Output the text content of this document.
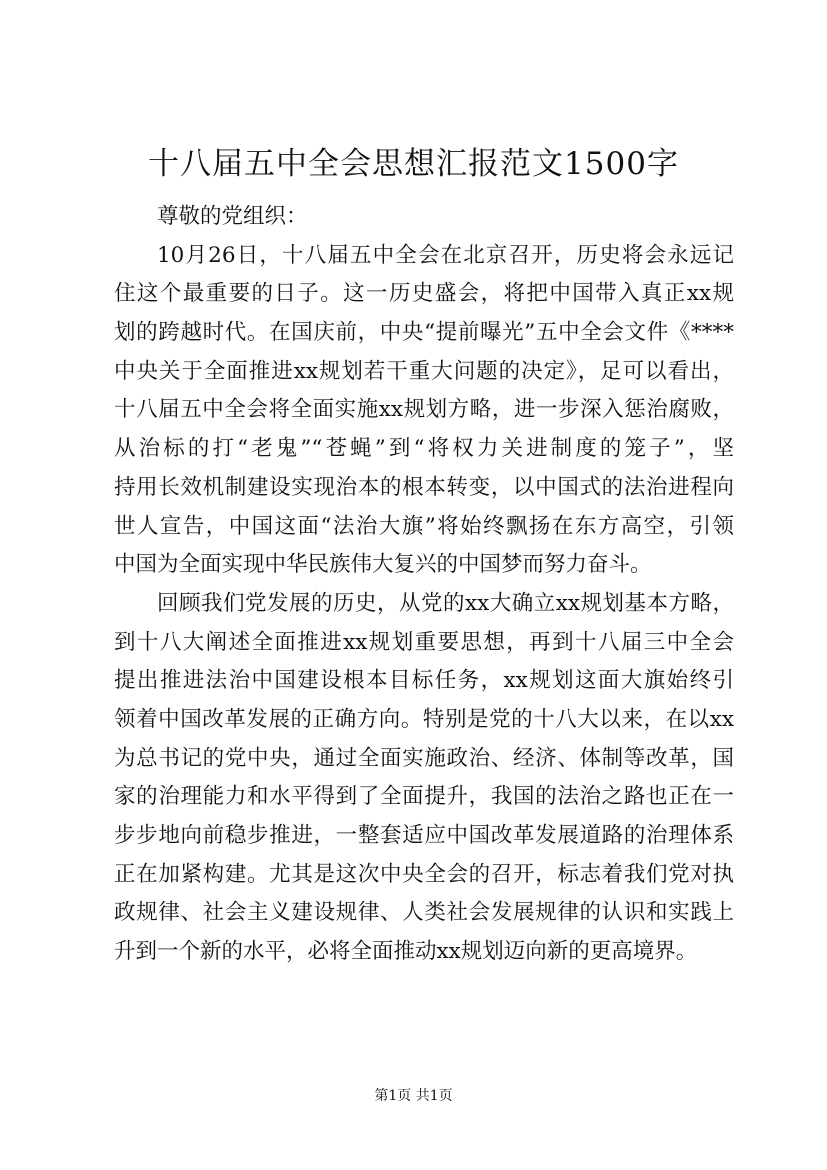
十八届五中全会思想汇报范文1500字
尊敬的党组织：
10月26日，十八届五中全会在北京召开，历史将会永远记
住这个最重要的日子。这一历史盛会，将把中国带入真正xx规
划的跨越时代。在国庆前，中央“提前曝光”五中全会文件《****
中央关于全面推进xx规划若干重大问题的决定》，足可以看出，
十八届五中全会将全面实施xx规划方略，进一步深入惩治腐败，
从治标的打“老鬼”“苍蝇”到“将权力关进制度的笼子”，坚
持用长效机制建设实现治本的根本转变，以中国式的法治进程向
世人宣告，中国这面“法治大旗”将始终飘扬在东方高空，引领
中国为全面实现中华民族伟大复兴的中国梦而努力奋斗。
回顾我们党发展的历史，从党的xx大确立xx规划基本方略，
到十八大阐述全面推进xx规划重要思想，再到十八届三中全会
提出推进法治中国建设根本目标任务，xx规划这面大旗始终引
领着中国改革发展的正确方向。特别是党的十八大以来，在以xx
为总书记的党中央，通过全面实施政治、经济、体制等改革，国
家的治理能力和水平得到了全面提升，我国的法治之路也正在一
步步地向前稳步推进，一整套适应中国改革发展道路的治理体系
正在加紧构建。尤其是这次中央全会的召开，标志着我们党对执
政规律、社会主义建设规律、人类社会发展规律的认识和实践上
升到一个新的水平，必将全面推动xx规划迈向新的更高境界。
第1页 共1页
